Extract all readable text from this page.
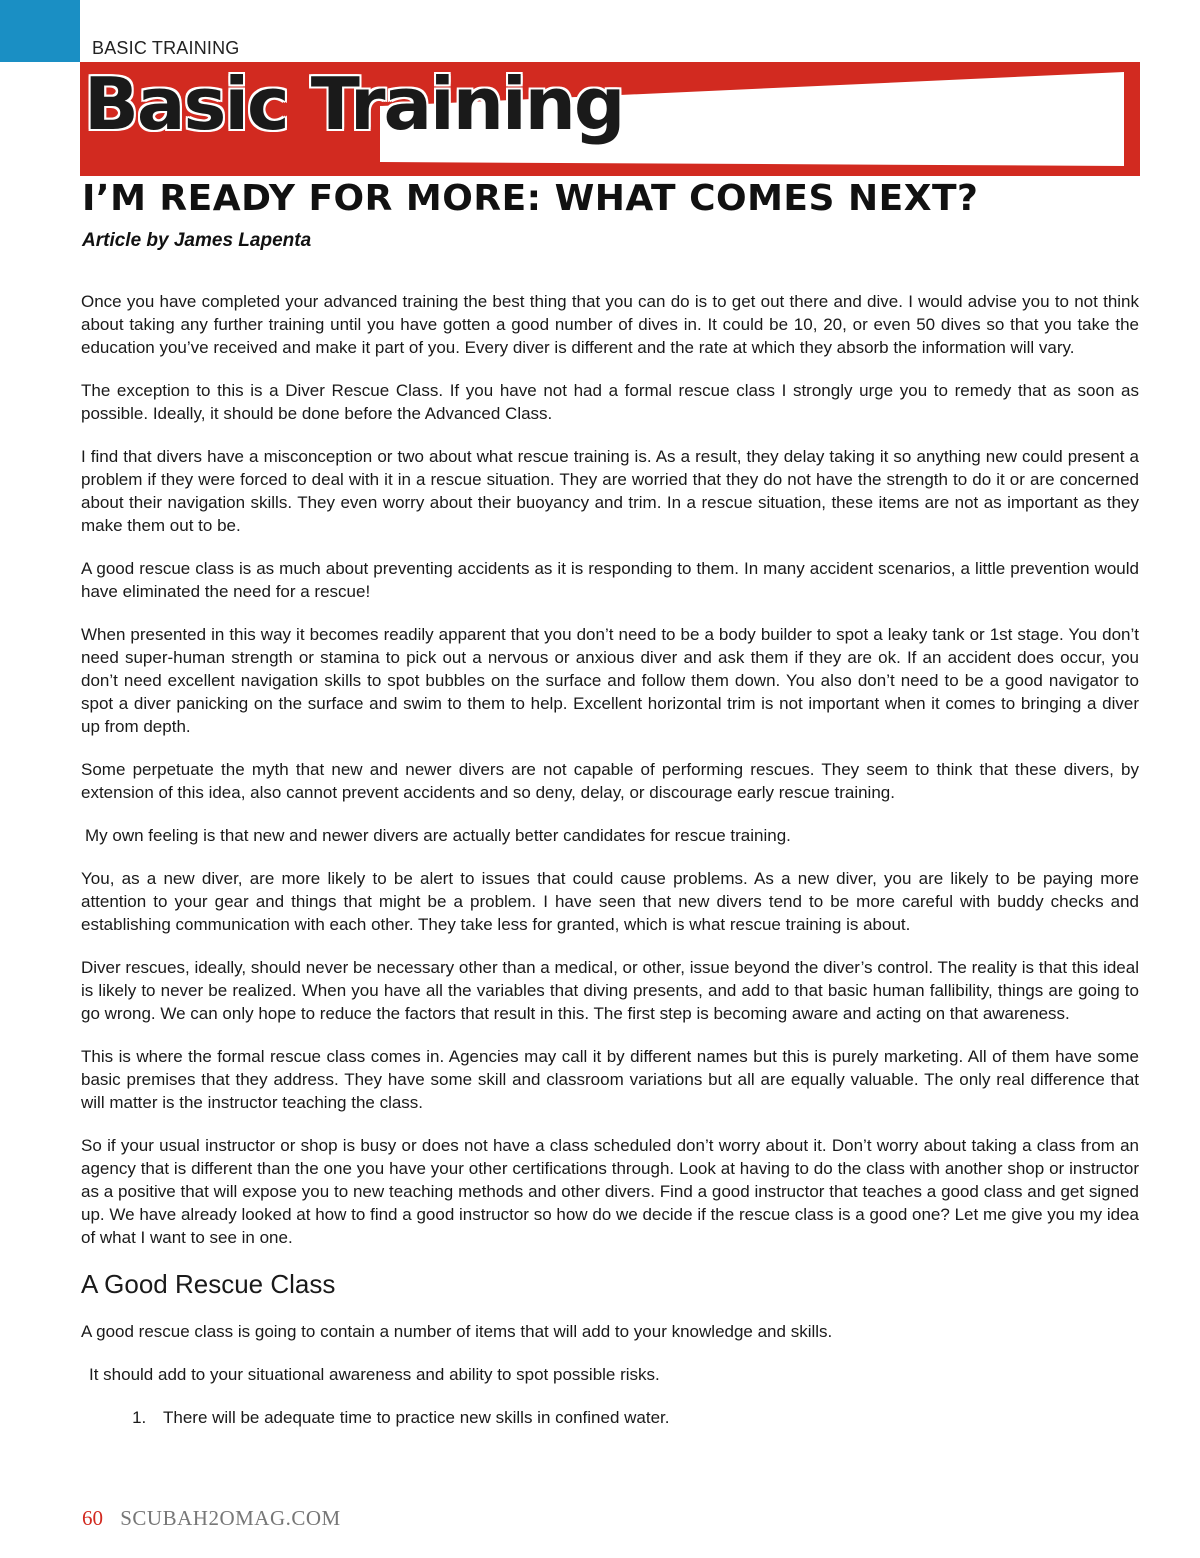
BASIC TRAINING
Basic Training
I’M READY FOR MORE: WHAT COMES NEXT?
Article by James Lapenta

Once you have completed your advanced training the best thing that you can do is to get out there and dive. I would advise you to not think about taking any further training until you have gotten a good number of dives in. It could be 10, 20, or even 50 dives so that you take the education you’ve received and make it part of you. Every diver is different and the rate at which they absorb the information will vary.

The exception to this is a Diver Rescue Class. If you have not had a formal rescue class I strongly urge you to remedy that as soon as possible. Ideally, it should be done before the Advanced Class.

I find that divers have a misconception or two about what rescue training is. As a result, they delay taking it so anything new could present a problem if they were forced to deal with it in a rescue situation. They are worried that they do not have the strength to do it or are concerned about their navigation skills. They even worry about their buoyancy and trim. In a rescue situation, these items are not as important as they make them out to be.

A good rescue class is as much about preventing accidents as it is responding to them. In many accident scenarios, a little prevention would have eliminated the need for a rescue!

When presented in this way it becomes readily apparent that you don’t need to be a body builder to spot a leaky tank or 1st stage. You don’t need super-human strength or stamina to pick out a nervous or anxious diver and ask them if they are ok. If an accident does occur, you don’t need excellent navigation skills to spot bubbles on the surface and follow them down. You also don’t need to be a good navigator to spot a diver panicking on the surface and swim to them to help. Excellent horizontal trim is not important when it comes to bringing a diver up from depth.

Some perpetuate the myth that new and newer divers are not capable of performing rescues. They seem to think that these divers, by extension of this idea, also cannot prevent accidents and so deny, delay, or discourage early rescue training.

My own feeling is that new and newer divers are actually better candidates for rescue training.

You, as a new diver, are more likely to be alert to issues that could cause problems. As a new diver, you are likely to be paying more attention to your gear and things that might be a problem. I have seen that new divers tend to be more careful with buddy checks and establishing communication with each other. They take less for granted, which is what rescue training is about.

Diver rescues, ideally, should never be necessary other than a medical, or other, issue beyond the diver’s control. The reality is that this ideal is likely to never be realized. When you have all the variables that diving presents, and add to that basic human fallibility, things are going to go wrong. We can only hope to reduce the factors that result in this. The first step is becoming aware and acting on that awareness.

This is where the formal rescue class comes in. Agencies may call it by different names but this is purely marketing. All of them have some basic premises that they address. They have some skill and classroom variations but all are equally valuable. The only real difference that will matter is the instructor teaching the class.

So if your usual instructor or shop is busy or does not have a class scheduled don’t worry about it. Don’t worry about taking a class from an agency that is different than the one you have your other certifications through. Look at having to do the class with another shop or instructor as a positive that will expose you to new teaching methods and other divers. Find a good instructor that teaches a good class and get signed up. We have already looked at how to find a good instructor so how do we decide if the rescue class is a good one? Let me give you my idea of what I want to see in one.

A Good Rescue Class

A good rescue class is going to contain a number of items that will add to your knowledge and skills.

It should add to your situational awareness and ability to spot possible risks.

1. There will be adequate time to practice new skills in confined water.
60 SCUBAH2OMAG.COM
